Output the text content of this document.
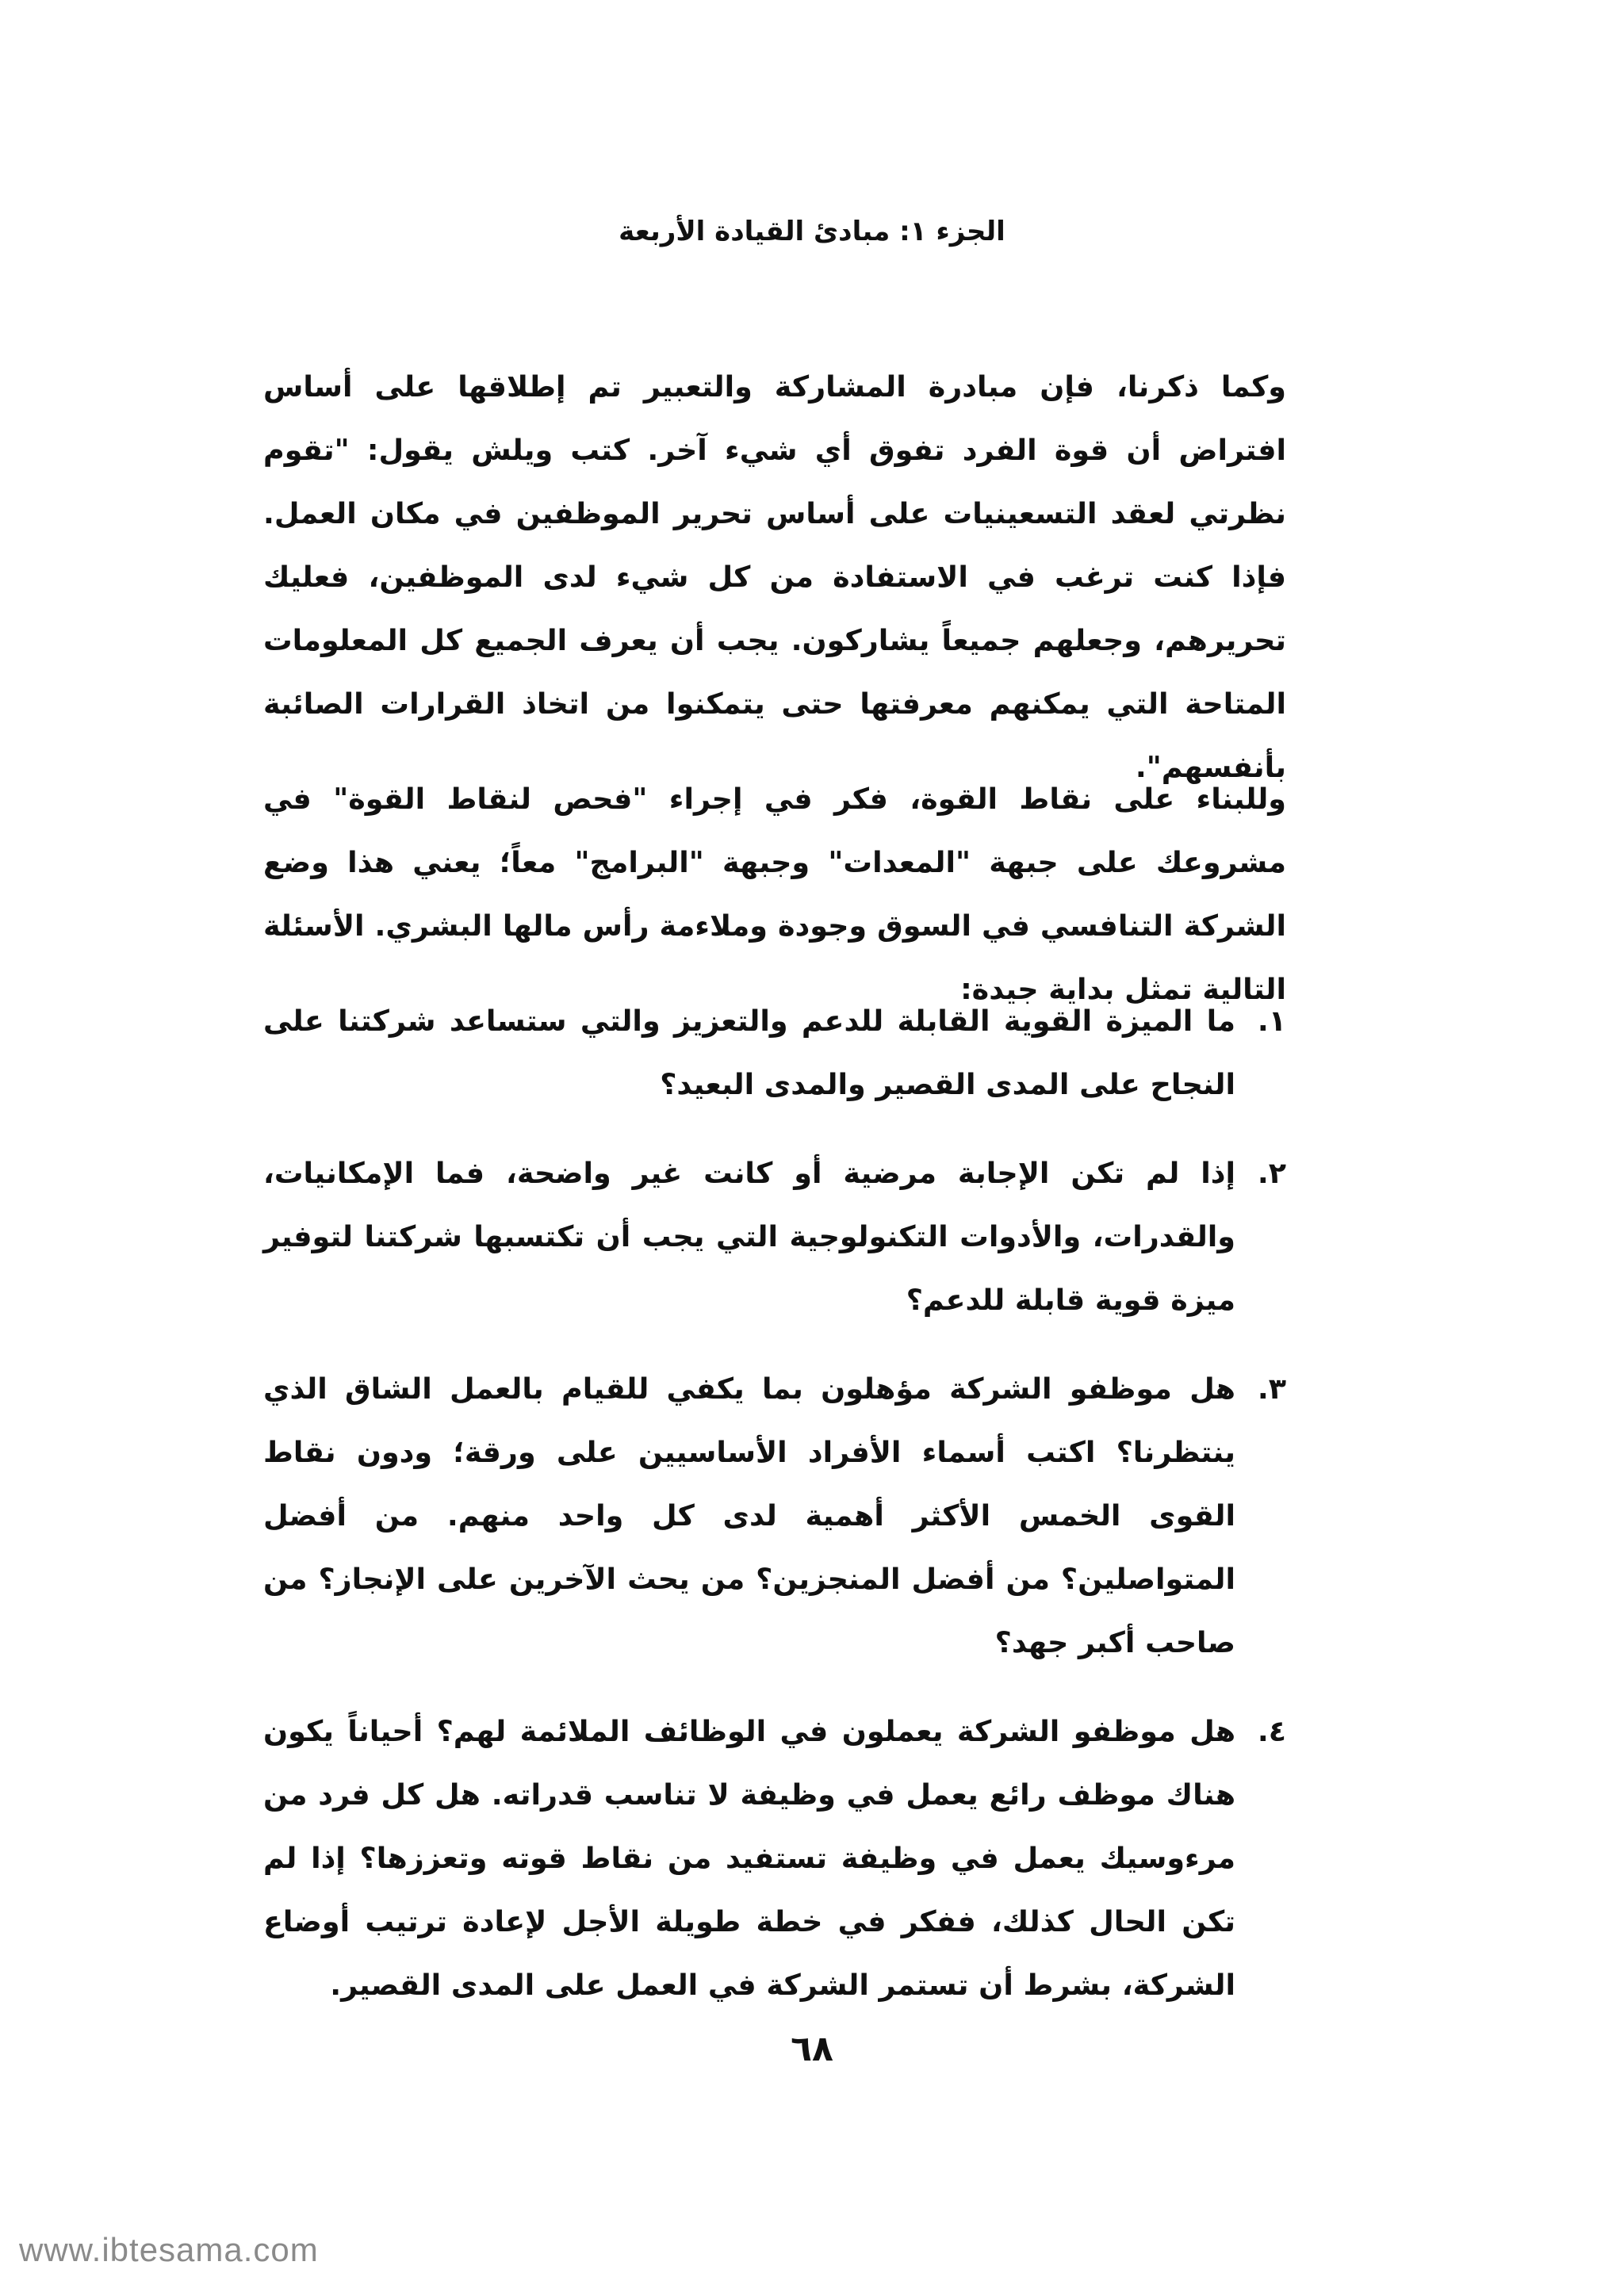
الجزء ١: مبادئ القيادة الأربعة

وكما ذكرنا، فإن مبادرة المشاركة والتعبير تم إطلاقها على أساس افتراض أن قوة الفرد تفوق أي شيء آخر. كتب ويلش يقول: "تقوم نظرتي لعقد التسعينيات على أساس تحرير الموظفين في مكان العمل. فإذا كنت ترغب في الاستفادة من كل شيء لدى الموظفين، فعليك تحريرهم، وجعلهم جميعاً يشاركون. يجب أن يعرف الجميع كل المعلومات المتاحة التي يمكنهم معرفتها حتى يتمكنوا من اتخاذ القرارات الصائبة بأنفسهم".

وللبناء على نقاط القوة، فكر في إجراء "فحص لنقاط القوة" في مشروعك على جبهة "المعدات" وجبهة "البرامج" معاً؛ يعني هذا وضع الشركة التنافسي في السوق وجودة وملاءمة رأس مالها البشري. الأسئلة التالية تمثل بداية جيدة:

١.
ما الميزة القوية القابلة للدعم والتعزيز والتي ستساعد شركتنا على النجاح على المدى القصير والمدى البعيد؟
٢.
إذا لم تكن الإجابة مرضية أو كانت غير واضحة، فما الإمكانيات، والقدرات، والأدوات التكنولوجية التي يجب أن تكتسبها شركتنا لتوفير ميزة قوية قابلة للدعم؟
٣.
هل موظفو الشركة مؤهلون بما يكفي للقيام بالعمل الشاق الذي ينتظرنا؟ اكتب أسماء الأفراد الأساسيين على ورقة؛ ودون نقاط القوى الخمس الأكثر أهمية لدى كل واحد منهم. من أفضل المتواصلين؟ من أفضل المنجزين؟ من يحث الآخرين على الإنجاز؟ من صاحب أكبر جهد؟
٤.
هل موظفو الشركة يعملون في الوظائف الملائمة لهم؟ أحياناً يكون هناك موظف رائع يعمل في وظيفة لا تناسب قدراته. هل كل فرد من مرءوسيك يعمل في وظيفة تستفيد من نقاط قوته وتعززها؟ إذا لم تكن الحال كذلك، ففكر في خطة طويلة الأجل لإعادة ترتيب أوضاع الشركة، بشرط أن تستمر الشركة في العمل على المدى القصير.
٦٨
www.ibtesama.com
